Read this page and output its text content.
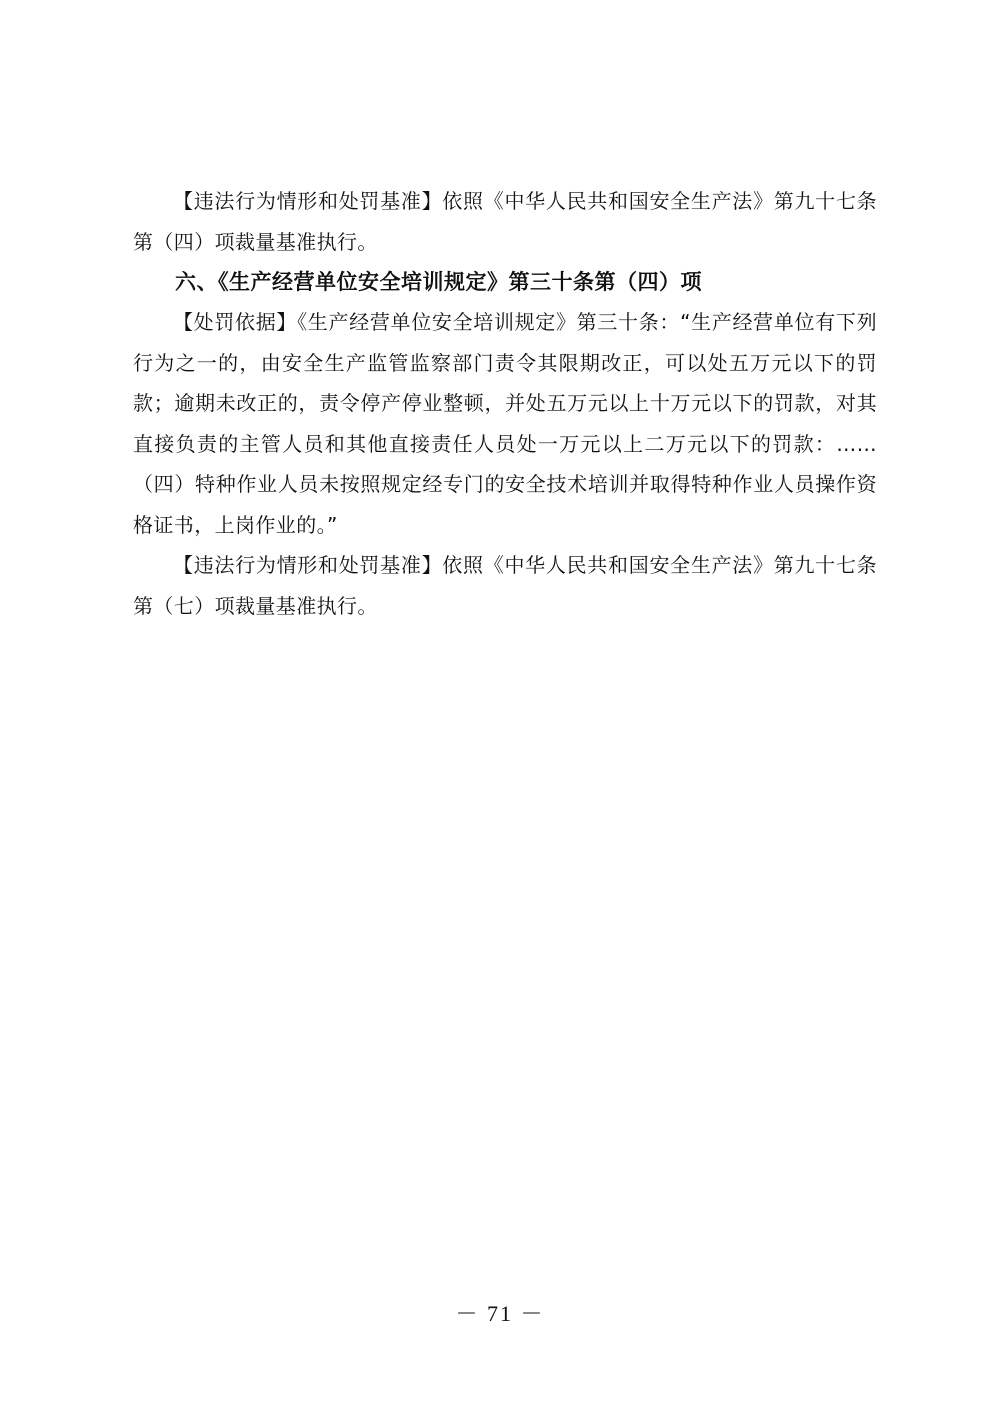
【违法行为情形和处罚基准】依照《中华人民共和国安全生产法》第九十七条第（四）项裁量基准执行。

六、《生产经营单位安全培训规定》第三十条第（四）项

【处罚依据】《生产经营单位安全培训规定》第三十条：“生产经营单位有下列行为之一的，由安全生产监管监察部门责令其限期改正，可以处五万元以下的罚款；逾期未改正的，责令停产停业整顿，并处五万元以上十万元以下的罚款，对其直接负责的主管人员和其他直接责任人员处一万元以上二万元以下的罚款：……（四）特种作业人员未按照规定经专门的安全技术培训并取得特种作业人员操作资格证书，上岗作业的。”

【违法行为情形和处罚基准】依照《中华人民共和国安全生产法》第九十七条第（七）项裁量基准执行。

－ 71 －
